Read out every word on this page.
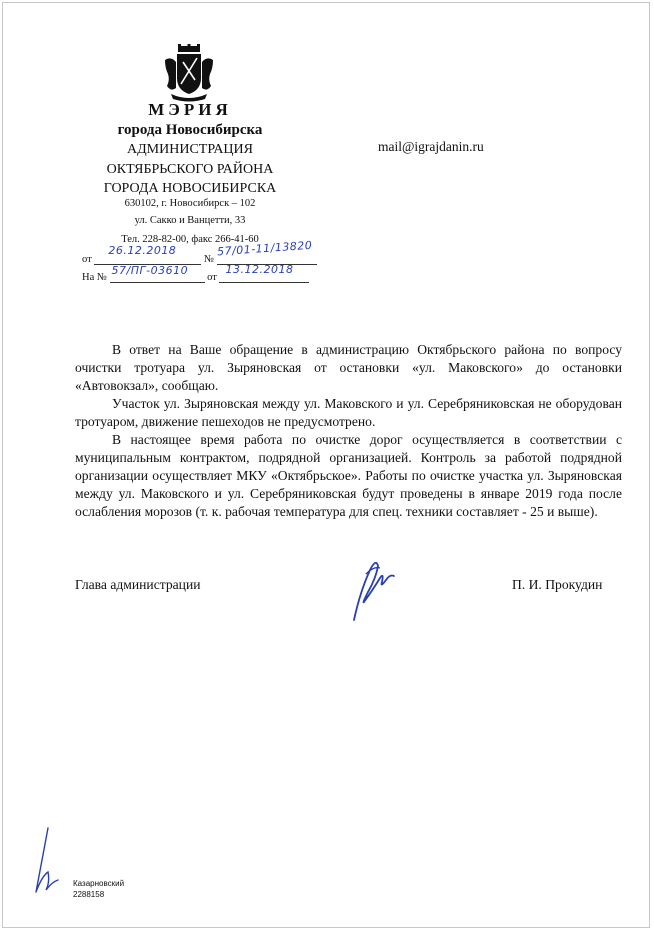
МЭРИЯ
города Новосибирска
АДМИНИСТРАЦИЯ
ОКТЯБРЬСКОГО РАЙОНА
ГОРОДА НОВОСИБИРСКА
630102, г. Новосибирск – 102
ул. Сакко и Ванцетти, 33
Тел. 228-82-00, факс 266-41-60
mail@igrajdanin.ru
от
26.12.2018
№
57/01-11/13820
На №
57/ПГ-03610
от
13.12.2018

В ответ на Ваше обращение в администрацию Октябрьского района по вопросу очистки тротуара ул. Зыряновская от остановки «ул. Маковского» до остановки «Автовокзал», сообщаю.

Участок ул. Зыряновская между ул. Маковского и ул. Серебряниковская не оборудован тротуаром, движение пешеходов не предусмотрено.

В настоящее время работа по очистке дорог осуществляется в соответствии с муниципальным контрактом, подрядной организацией. Контроль за работой подрядной организации осуществляет МКУ «Октябрьское». Работы по очистке участка ул. Зыряновская между ул. Маковского и ул. Серебряниковская будут проведены в январе 2019 года после ослабления морозов (т. к. рабочая температура для спец. техники составляет - 25 и выше).

Глава администрации	П. И. Прокудин
Казарновский
2288158
